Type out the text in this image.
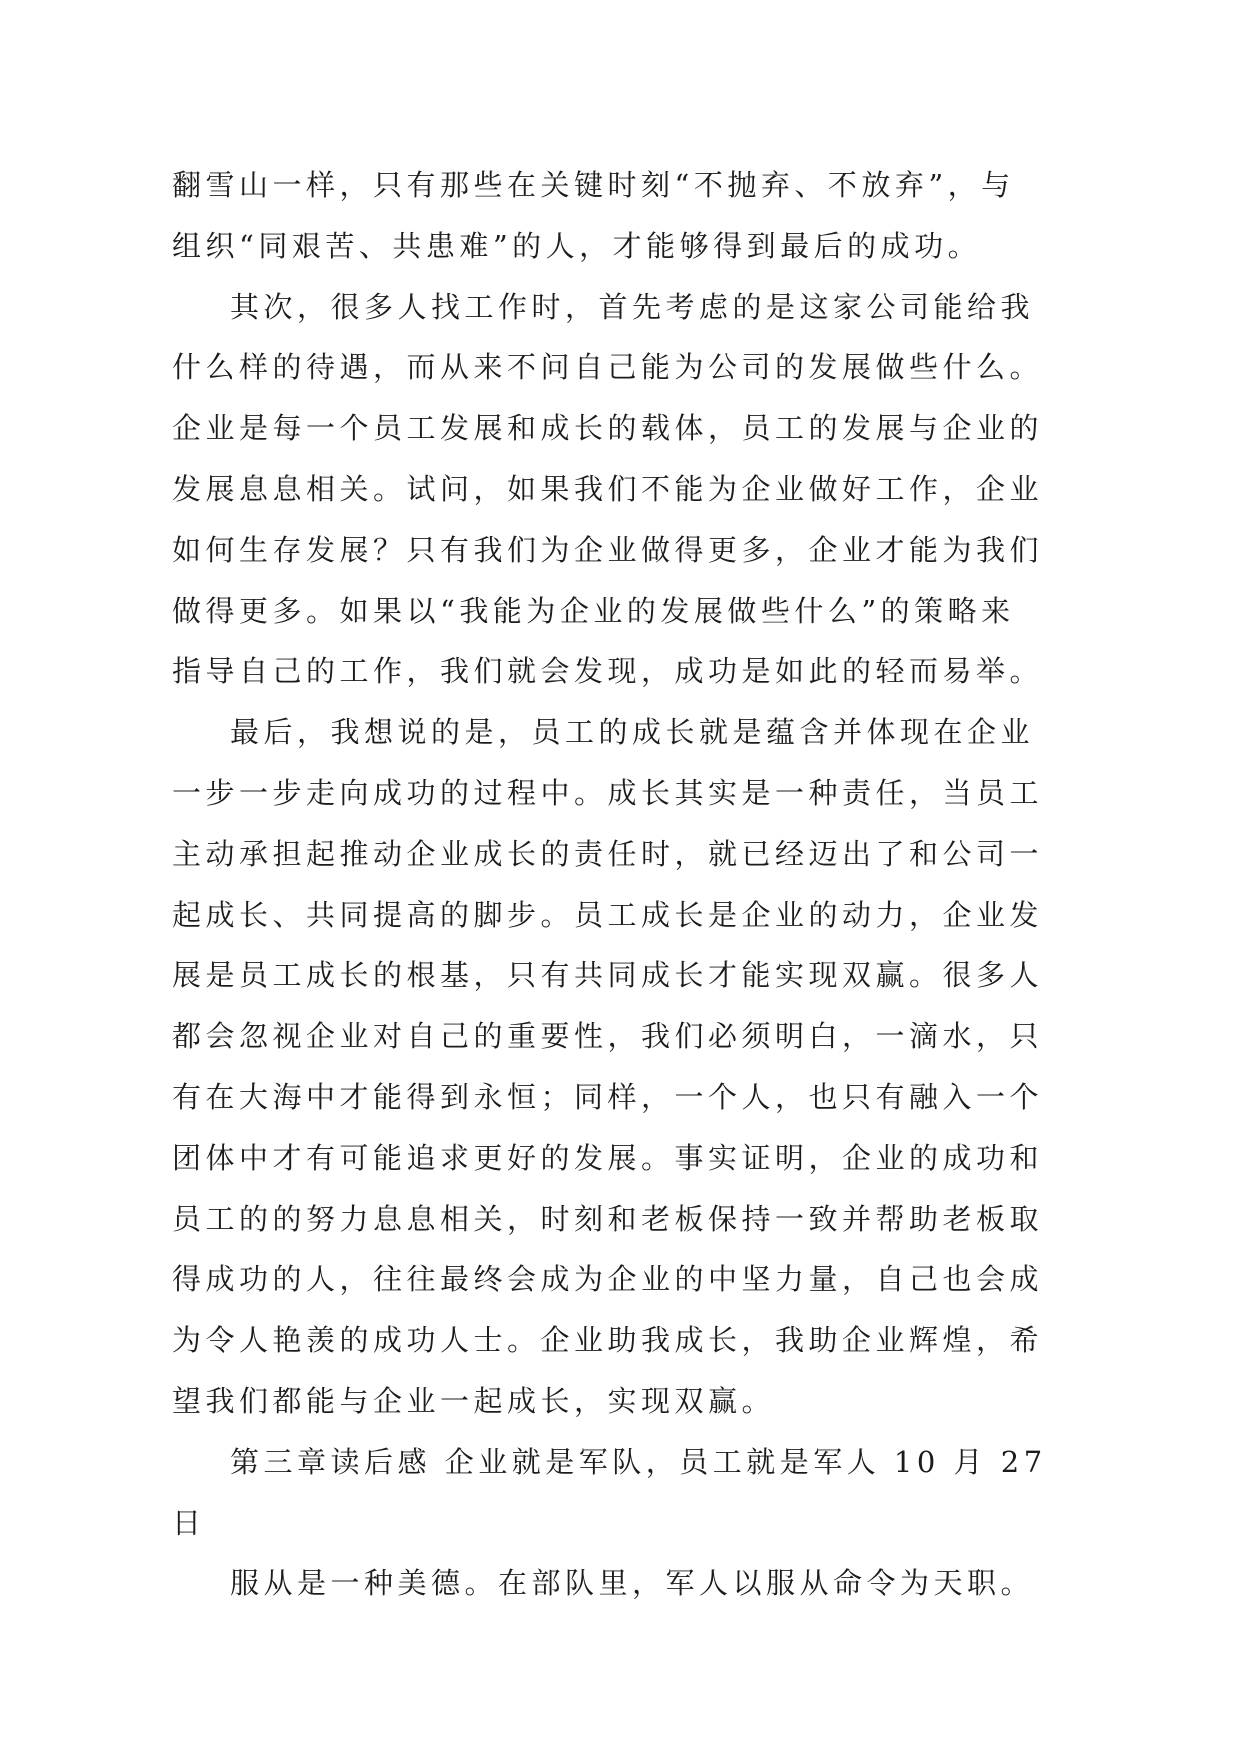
翻雪山一样，只有那些在关键时刻“不抛弃、不放弃”，与
组织“同艰苦、共患难”的人，才能够得到最后的成功。
其次，很多人找工作时，首先考虑的是这家公司能给我
什么样的待遇，而从来不问自己能为公司的发展做些什么。
企业是每一个员工发展和成长的载体，员工的发展与企业的
发展息息相关。试问，如果我们不能为企业做好工作，企业
如何生存发展？只有我们为企业做得更多，企业才能为我们
做得更多。如果以“我能为企业的发展做些什么”的策略来
指导自己的工作，我们就会发现，成功是如此的轻而易举。
最后，我想说的是，员工的成长就是蕴含并体现在企业
一步一步走向成功的过程中。成长其实是一种责任，当员工
主动承担起推动企业成长的责任时，就已经迈出了和公司一
起成长、共同提高的脚步。员工成长是企业的动力，企业发
展是员工成长的根基，只有共同成长才能实现双赢。很多人
都会忽视企业对自己的重要性，我们必须明白，一滴水，只
有在大海中才能得到永恒；同样，一个人，也只有融入一个
团体中才有可能追求更好的发展。事实证明，企业的成功和
员工的的努力息息相关，时刻和老板保持一致并帮助老板取
得成功的人，往往最终会成为企业的中坚力量，自己也会成
为令人艳羡的成功人士。企业助我成长，我助企业辉煌，希
望我们都能与企业一起成长，实现双赢。
第三章读后感 企业就是军队，员工就是军人 10 月 27
日
服从是一种美德。在部队里，军人以服从命令为天职。
